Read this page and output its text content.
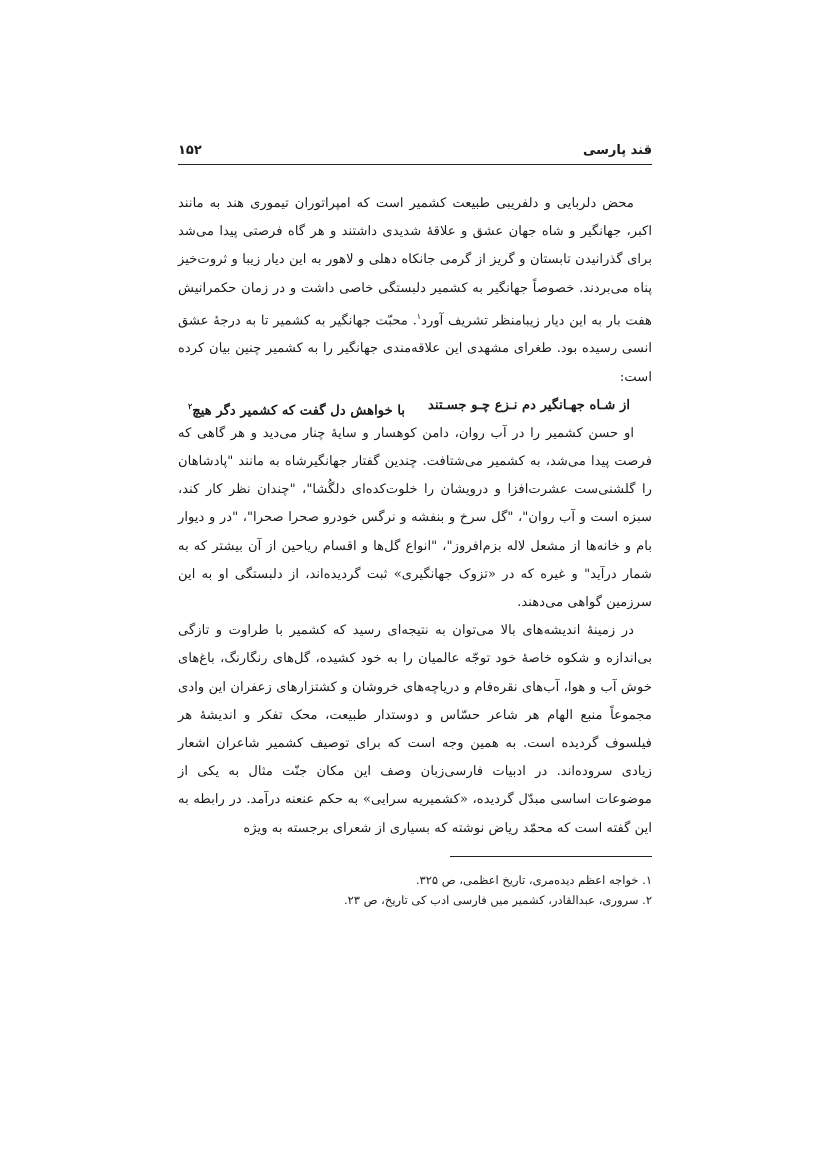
قند پارسی
۱۵۲

محض دلربایی و دلفریبی طبیعت کشمیر است که امپراتوران تیموری هند به مانند اکبر، جهانگیر و شاه جهان عشق و علاقهٔ شدیدی داشتند و هر گاه فرصتی پیدا می‌شد برای گذرانیدن تابستان و گریز از گرمی جانکاه دهلی و لاهور به این دیار زیبا و ثروت‌خیز پناه می‌بردند. خصوصاً جهانگیر به کشمیر دلبستگی خاصی داشت و در زمان حکمرانیش هفت بار به این دیار زیبامنظر تشریف آورد$^۱$. محبّت جهانگیر به کشمیر تا به درجهٔ عشق انسی رسیده بود. طغرای مشهدی این علاقه‌مندی جهانگیر را به کشمیر چنین بیان کرده است:

از شـاه جهـانگیر دم نـزع چـو جسـتند
با خواهش دل گفت که کشمیر دگر هیچ$^۲$

او حسن کشمیر را در آب روان، دامن کوهسار و سایهٔ چنار می‌دید و هر گاهی که فرصت پیدا می‌شد، به کشمیر می‌شتافت. چندین گفتار جهانگیرشاه به مانند "پادشاهان را گلشنی‌ست عشرت‌افزا و درویشان را خلوت‌کده‌ای دلگُشا"، "چندان نظر کار کند، سبزه است و آب روان"، "گل سرخ و بنفشه و نرگس خودرو صحرا صحرا"، "در و دیوار بام و خانه‌ها از مشعل لاله بزم‌افروز"، "انواع گل‌ها و اقسام ریاحین از آن بیشتر که به شمار درآید" و غیره که در «تزوک جهانگیری» ثبت گردیده‌اند، از دلبستگی او به این سرزمین گواهی می‌دهند.

در زمینهٔ اندیشه‌های بالا می‌توان به نتیجه‌ای رسید که کشمیر با طراوت و تازگی بی‌اندازه و شکوه خاصهٔ خود توجّه عالمیان را به خود کشیده، گل‌های رنگارنگ، باغ‌های خوش آب و هوا، آب‌های نقره‌فام و دریاچه‌های خروشان و کشتزارهای زعفران این وادی مجموعاً منبع الهام هر شاعر حسّاس و دوستدار طبیعت، محک تفکر و اندیشهٔ هر فیلسوف گردیده است. به همین وجه است که برای توصیف کشمیر شاعران اشعار زیادی سروده‌اند. در ادبیات فارسی‌زبان وصف این مکان جنّت مثال به یکی از موضوعات اساسی مبدّل گردیده، «کشمیریه سرایی» به حکم عنعنه درآمد. در رابطه به این گفته است که محمّد ریاض نوشته که بسیاری از شعرای برجسته به ویژه

۱. خواجه اعظم دیده‌مری، تاریخ اعظمی، ص ۳۲۵.

۲. سروری، عبدالقادر، کشمیر میں فارسی ادب کی تاریخ، ص ۲۳.
